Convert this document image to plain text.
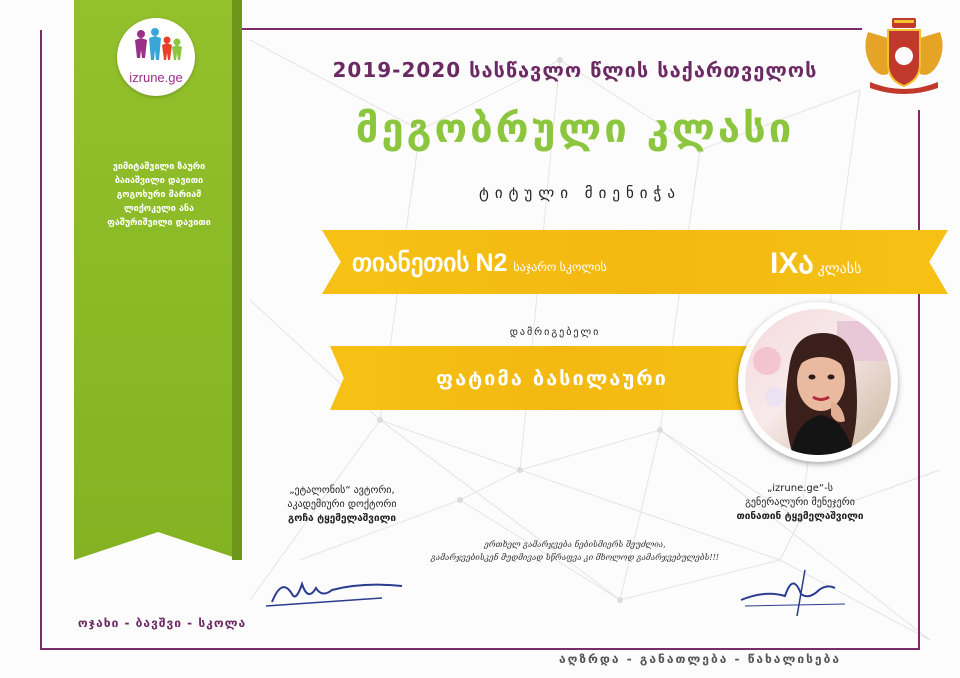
izrune.ge
ვიმიტაშვილი ზაური
ბაიაშვილი დავითი
გოგოხური მარიამ
ლიქოკელი ანა
ფაშურიშვილი დავითი
ოჯახი - ბავშვი - სკოლა
2019-2020 სასწავლო წლის საქართველოს
მეგობრული კლასი
ტიტული მიენიჭა
თიანეთის N2 საჯარო სკოლის	IXა კლასს
დამრიგებელი
ფატიმა ბასილაური
„ეტალონის“ ავტორი,
აკადემიური დოქტორი
გოჩა ტყემელაშვილი
„izrune.ge“-ს
გენერალური მენეჯერი
თინათინ ტყემელაშვილი
ერთხელ გამარჯვება ნებისმიერს შეუძლია,
გამარჯვებისკენ მუდმივად სწრაფვა კი მხოლოდ გამარჯვებულებს!!!
აღზრდა - განათლება - წახალისება
